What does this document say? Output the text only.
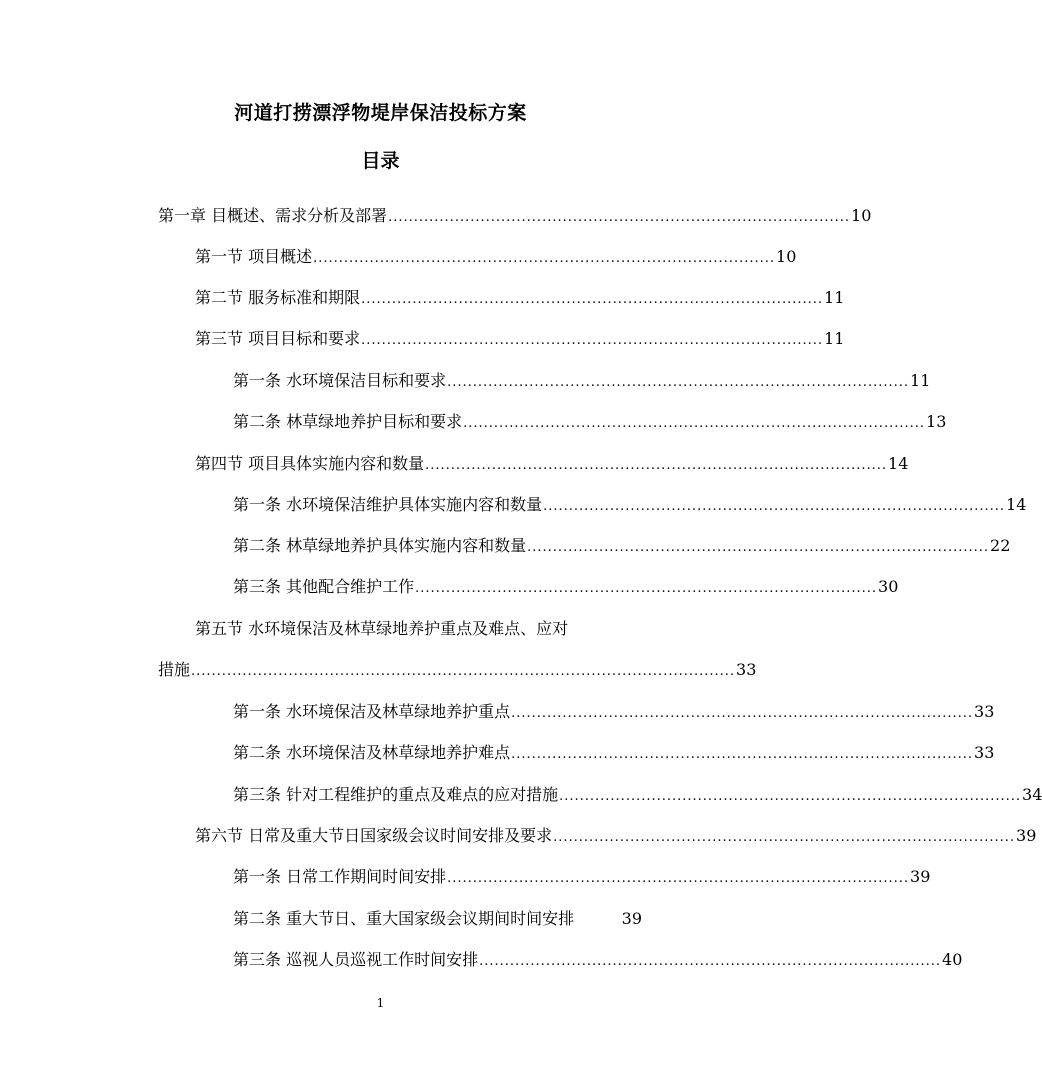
河道打捞漂浮物堤岸保洁投标方案
目录
第一章 目概述、需求分析及部署 .......................................................................................... 10
第一节 项目概述 .......................................................................................... 10
第二节 服务标准和期限 .......................................................................................... 11
第三节 项目目标和要求 .......................................................................................... 11
第一条 水环境保洁目标和要求 .......................................................................................... 11
第二条 林草绿地养护目标和要求 .......................................................................................... 13
第四节 项目具体实施内容和数量 .......................................................................................... 14
第一条 水环境保洁维护具体实施内容和数量 .......................................................................................... 14
第二条 林草绿地养护具体实施内容和数量 .......................................................................................... 22
第三条 其他配合维护工作 .......................................................................................... 30
第五节 水环境保洁及林草绿地养护重点及难点、应对
措施 .......................................................................................................... 33
第一条 水环境保洁及林草绿地养护重点 .......................................................................................... 33
第二条 水环境保洁及林草绿地养护难点 .......................................................................................... 33
第三条 针对工程维护的重点及难点的应对措施 .......................................................................................... 34
第六节 日常及重大节日国家级会议时间安排及要求 .......................................................................................... 39
第一条 日常工作期间时间安排 .......................................................................................... 39
第二条 重大节日、重大国家级会议期间时间安排	39
第三条 巡视人员巡视工作时间安排 .......................................................................................... 40
1
